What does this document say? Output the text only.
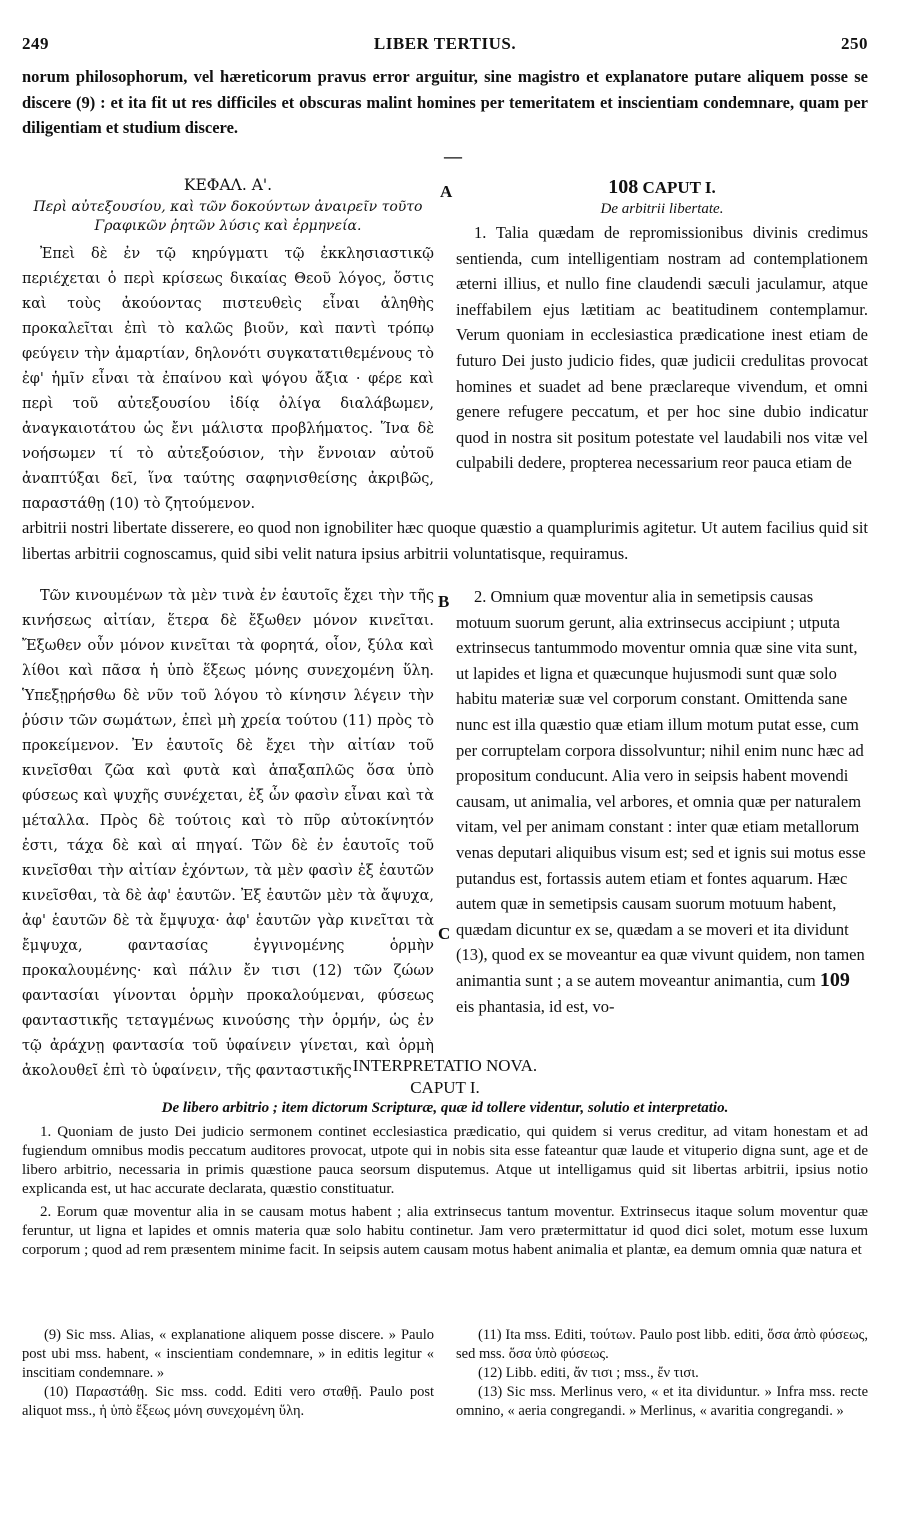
249	LIBER TERTIUS.	250

norum philosophorum, vel hæreticorum pravus error arguitur, sine magistro et explanatore putare aliquem posse se discere (9) : et ita fit ut res difficiles et obscuras malint homines per temeritatem et inscientiam condemnare, quam per diligentiam et studium discere.

—

ΚΕΦΑΛ. Α'.

Περὶ αὐτεξουσίου, καὶ τῶν δοκούντων ἀναιρεῖν τοῦτο Γραφικῶν ῥητῶν λύσις καὶ ἑρμηνεία.

Ἐπεὶ δὲ ἐν τῷ κηρύγματι τῷ ἐκκλησιαστικῷ περιέχεται ὁ περὶ κρίσεως δικαίας Θεοῦ λόγος, ὅστις καὶ τοὺς ἀκούοντας πιστευθεὶς εἶναι ἀληθὴς προκαλεῖται ἐπὶ τὸ καλῶς βιοῦν, καὶ παντὶ τρόπῳ φεύγειν τὴν ἁμαρτίαν, δηλονότι συγκατατιθεμένους τὸ ἐφ' ἡμῖν εἶναι τὰ ἐπαίνου καὶ ψόγου ἄξια · φέρε καὶ περὶ τοῦ αὐτεξουσίου ἰδίᾳ ὀλίγα διαλάβωμεν, ἀναγκαιοτάτου ὡς ἔνι μάλιστα προβλήματος. Ἵνα δὲ νοήσωμεν τί τὸ αὐτεξούσιον, τὴν ἔννοιαν αὐτοῦ ἀναπτύξαι δεῖ, ἵνα ταύτης σαφηνισθείσης ἀκριβῶς, παραστάθῃ (10) τὸ ζητούμενον.

A	108 CAPUT I.

De arbitrii libertate.

1. Talia quædam de repromissionibus divinis credimus sentienda, cum intelligentiam nostram ad contemplationem æterni illius, et nullo fine claudendi sæculi jaculamur, atque ineffabilem ejus lætitiam ac beatitudinem contemplamur. Verum quoniam in ecclesiastica prædicatione inest etiam de futuro Dei justo judicio fides, quæ judicii credulitas provocat homines et suadet ad bene præclareque vivendum, et omni genere refugere peccatum, et per hoc sine dubio indicatur quod in nostra sit positum potestate vel laudabili nos vitæ vel culpabili dedere, propterea necessarium reor pauca etiam de

arbitrii nostri libertate disserere, eo quod non ignobiliter hæc quoque quæstio a quamplurimis agitetur. Ut autem facilius quid sit libertas arbitrii cognoscamus, quid sibi velit natura ipsius arbitrii voluntatisque, requiramus.

B
C

Τῶν κινουμένων τὰ μὲν τινὰ ἐν ἑαυτοῖς ἔχει τὴν τῆς κινήσεως αἰτίαν, ἕτερα δὲ ἔξωθεν μόνον κινεῖται. Ἔξωθεν οὖν μόνον κινεῖται τὰ φορητά, οἷον, ξύλα καὶ λίθοι καὶ πᾶσα ἡ ὑπὸ ἕξεως μόνης συνεχομένη ὕλη. Ὑπεξῃρήσθω δὲ νῦν τοῦ λόγου τὸ κίνησιν λέγειν τὴν ῥύσιν τῶν σωμάτων, ἐπεὶ μὴ χρεία τούτου (11) πρὸς τὸ προκείμενον. Ἐν ἑαυτοῖς δὲ ἔχει τὴν αἰτίαν τοῦ κινεῖσθαι ζῶα καὶ φυτὰ καὶ ἁπαξαπλῶς ὅσα ὑπὸ φύσεως καὶ ψυχῆς συνέχεται, ἐξ ὧν φασὶν εἶναι καὶ τὰ μέταλλα. Πρὸς δὲ τούτοις καὶ τὸ πῦρ αὐτοκίνητόν ἐστι, τάχα δὲ καὶ αἱ πηγαί. Τῶν δὲ ἐν ἑαυτοῖς τοῦ κινεῖσθαι τὴν αἰτίαν ἐχόντων, τὰ μὲν φασὶν ἐξ ἑαυτῶν κινεῖσθαι, τὰ δὲ ἀφ' ἑαυτῶν. Ἐξ ἑαυτῶν μὲν τὰ ἄψυχα, ἀφ' ἑαυτῶν δὲ τὰ ἔμψυχα· ἀφ' ἑαυτῶν γὰρ κινεῖται τὰ ἔμψυχα, φαντασίας ἐγγινομένης ὁρμὴν προκαλουμένης· καὶ πάλιν ἔν τισι (12) τῶν ζώων φαντασίαι γίνονται ὁρμὴν προκαλούμεναι, φύσεως φανταστικῆς τεταγμένως κινούσης τὴν ὁρμήν, ὡς ἐν τῷ ἀράχνῃ φαντασία τοῦ ὑφαίνειν γίνεται, καὶ ὁρμὴ ἀκολουθεῖ ἐπὶ τὸ ὑφαίνειν, τῆς φανταστικῆς

2. Omnium quæ moventur alia in semetipsis causas motuum suorum gerunt, alia extrinsecus accipiunt ; utputa extrinsecus tantummodo moventur omnia quæ sine vita sunt, ut lapides et ligna et quæcunque hujusmodi sunt quæ solo habitu materiæ suæ vel corporum constant. Omittenda sane nunc est illa quæstio quæ etiam illum motum putat esse, cum per corruptelam corpora dissolvuntur; nihil enim nunc hæc ad propositum conducunt. Alia vero in seipsis habent movendi causam, ut animalia, vel arbores, et omnia quæ per naturalem vitam, vel per animam constant : inter quæ etiam metallorum venas deputari aliquibus visum est; sed et ignis sui motus esse putandus est, fortassis autem etiam et fontes aquarum. Hæc autem quæ in semetipsis causam suorum motuum habent, quædam dicuntur ex se, quædam a se moveri et ita dividunt (13), quod ex se moveantur ea quæ vivunt quidem, non tamen animantia sunt ; a se autem moveantur animantia, cum 109 eis phantasia, id est, vo-

INTERPRETATIO NOVA.

CAPUT I.

De libero arbitrio ; item dictorum Scripturæ, quæ id tollere videntur, solutio et interpretatio.

1. Quoniam de justo Dei judicio sermonem continet ecclesiastica prædicatio, qui quidem si verus creditur, ad vitam honestam et ad fugiendum omnibus modis peccatum auditores provocat, utpote qui in nobis sita esse fateantur quæ laude et vituperio digna sunt, age et de libero arbitrio, necessaria in primis quæstione pauca seorsum disputemus. Atque ut intelligamus quid sit libertas arbitrii, ipsius notio explicanda est, ut hac accurate declarata, quæstio constituatur.

2. Eorum quæ moventur alia in se causam motus habent ; alia extrinsecus tantum moventur. Extrinsecus itaque solum moventur quæ feruntur, ut ligna et lapides et omnis materia quæ solo habitu continetur. Jam vero prætermittatur id quod dici solet, motum esse luxum corporum ; quod ad rem præsentem minime facit. In seipsis autem causam motus habent animalia et plantæ, ea demum omnia quæ natura et

(9) Sic mss. Alias, « explanatione aliquem posse discere. » Paulo post ubi mss. habent, « inscientiam condemnare, » in editis legitur « inscitiam condemnare. »

(10) Παραστάθῃ. Sic mss. codd. Editi vero σταθῇ. Paulo post aliquot mss., ἡ ὑπὸ ἕξεως μόνη συνεχομένη ὕλη.

(11) Ita mss. Editi, τούτων. Paulo post libb. editi, ὅσα ἀπὸ φύσεως, sed mss. ὅσα ὑπὸ φύσεως.

(12) Libb. editi, ἄν τισι ; mss., ἔν τισι.

(13) Sic mss. Merlinus vero, « et ita dividuntur. » Infra mss. recte omnino, « aeria congregandi. » Merlinus, « avaritia congregandi. »
